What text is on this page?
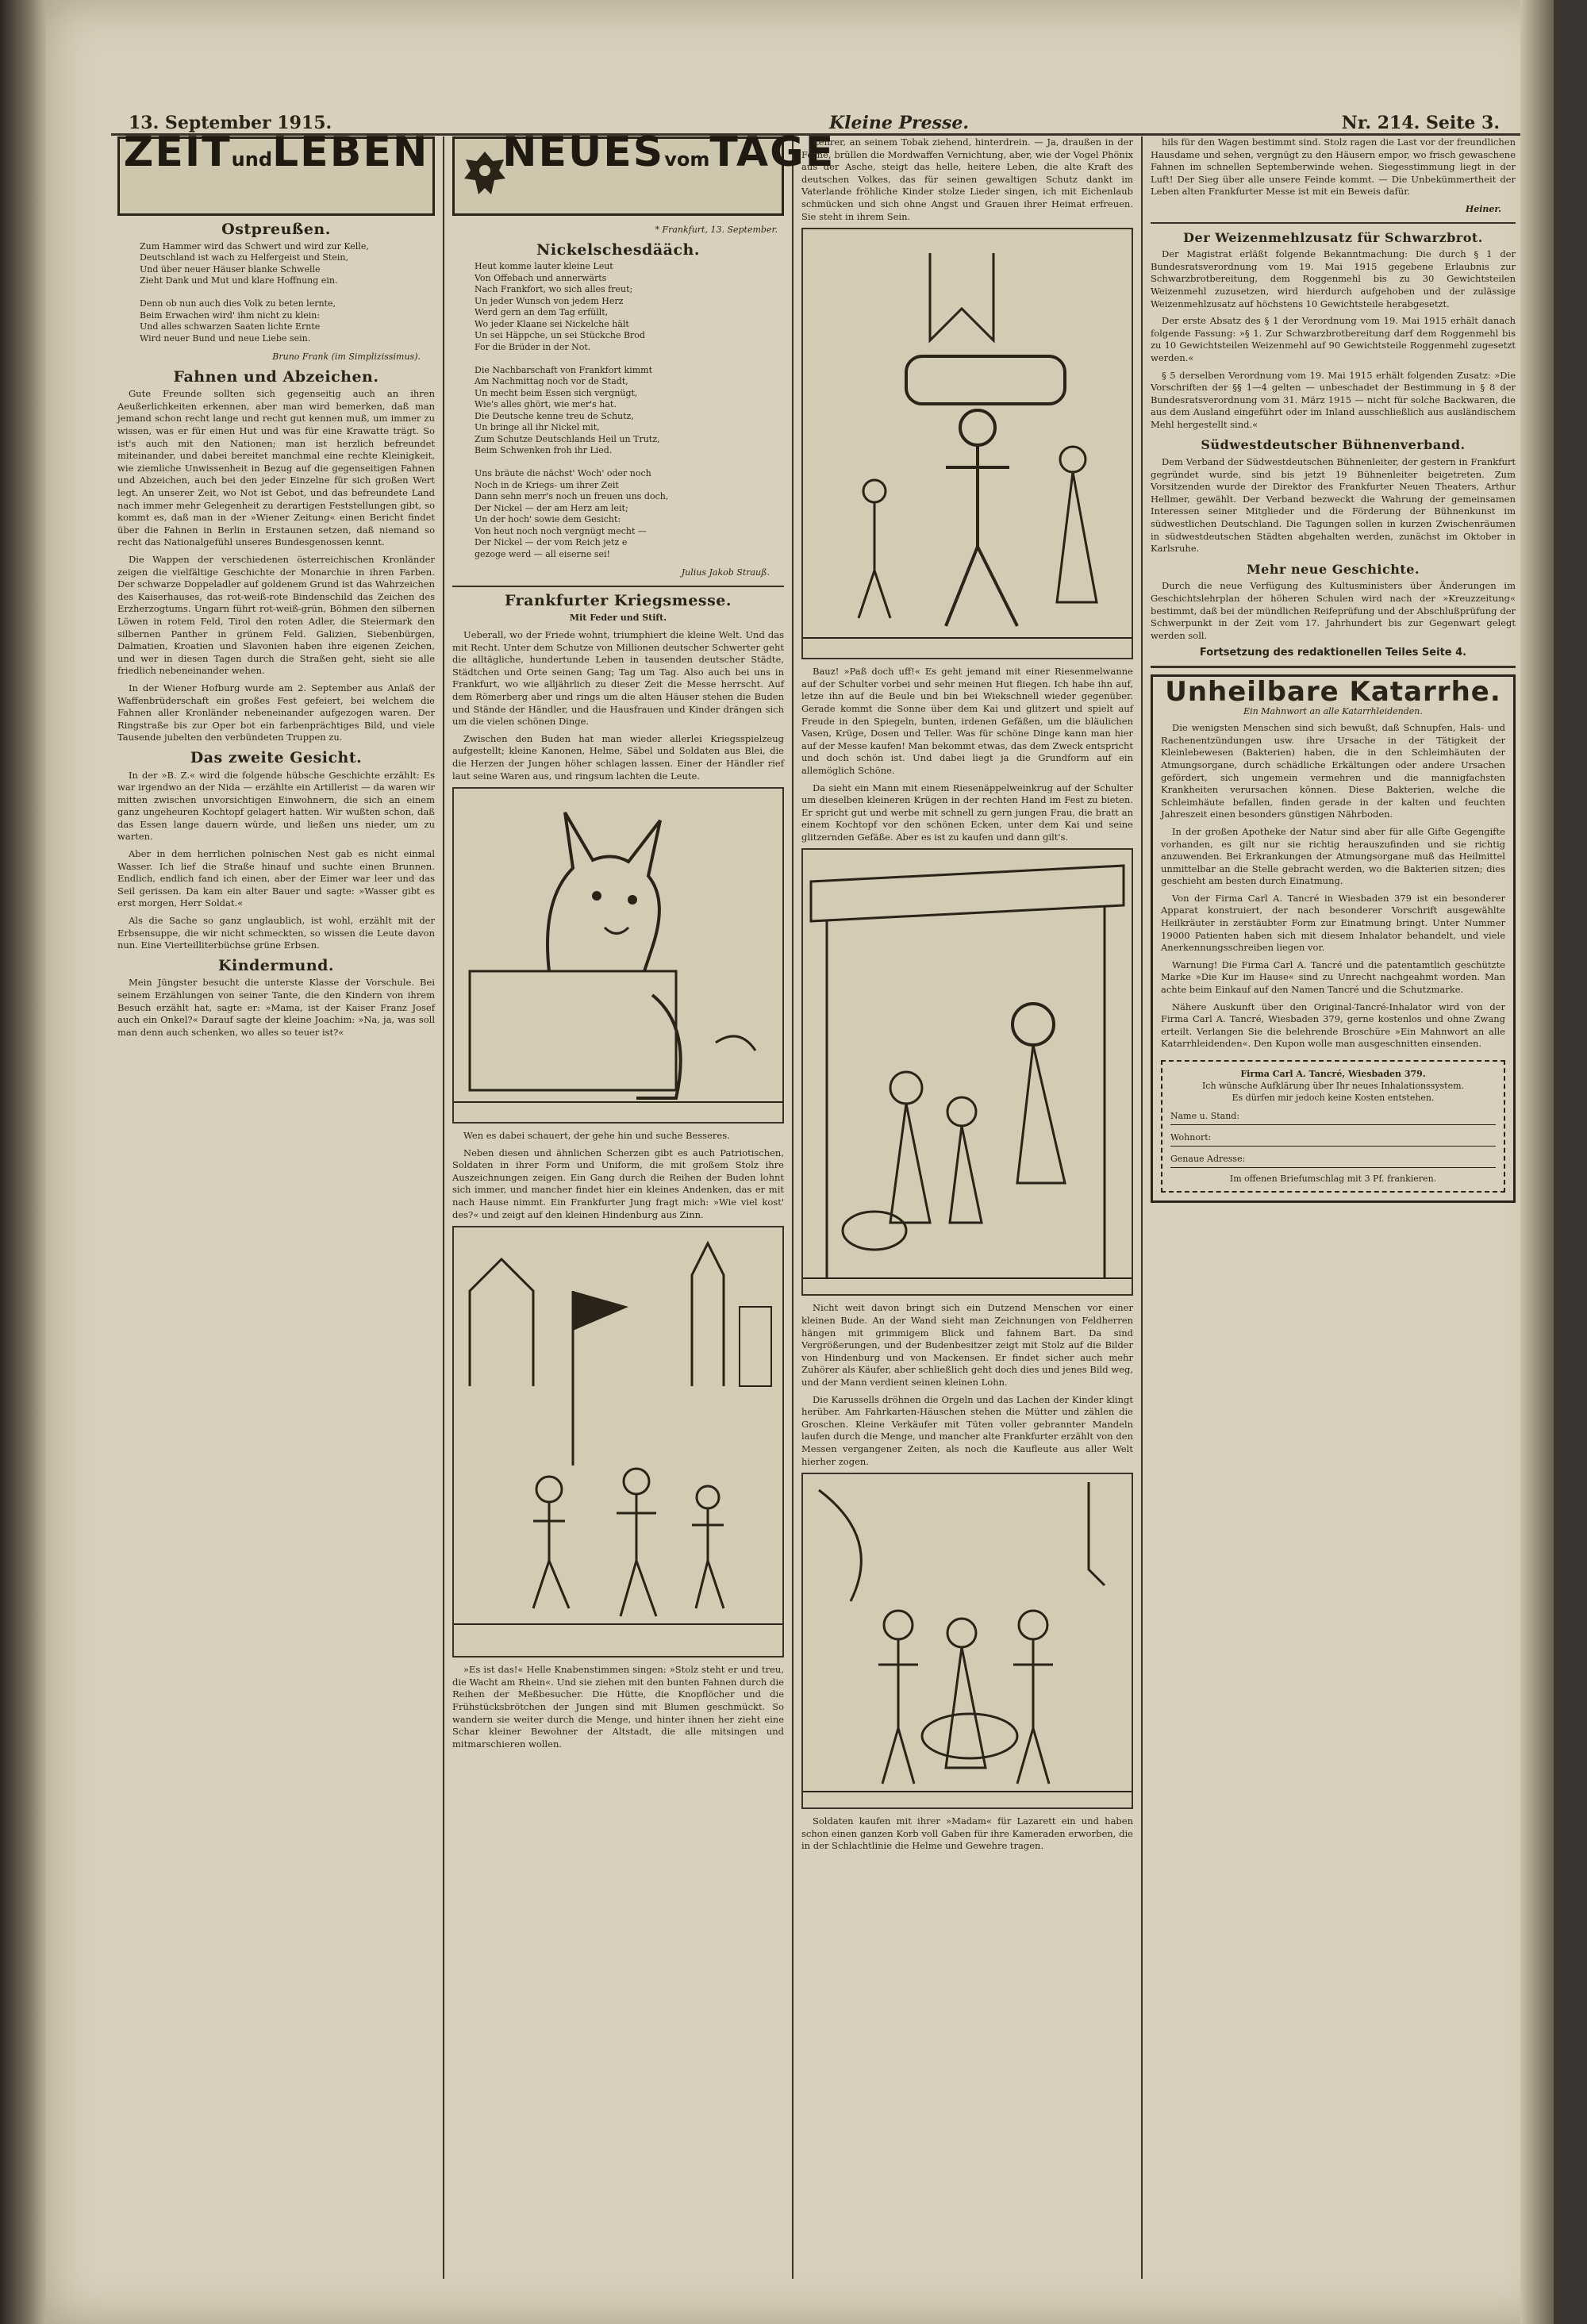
13. September 1915.	Kleine Presse.	Nr. 214. Seite 3.
ZEITundLEBEN
Ostpreußen.
Zum Hammer wird das Schwert und wird zur Kelle,
Deutschland ist wach zu Helfergeist und Stein,
Und über neuer Häuser blanke Schwelle
Zieht Dank und Mut und klare Hoffnung ein.

Denn ob nun auch dies Volk zu beten lernte,
Beim Erwachen wird' ihm nicht zu klein:
Und alles schwarzen Saaten lichte Ernte
Wird neuer Bund und neue Liebe sein.
Bruno Frank (im Simplizissimus).
Fahnen und Abzeichen.

Gute Freunde sollten sich gegenseitig auch an ihren Aeußerlichkeiten erkennen, aber man wird bemerken, daß man jemand schon recht lange und recht gut kennen muß, um immer zu wissen, was er für einen Hut und was für eine Krawatte trägt. So ist's auch mit den Nationen; man ist herzlich befreundet miteinander, und dabei bereitet manchmal eine rechte Kleinigkeit, wie ziemliche Unwissenheit in Bezug auf die gegenseitigen Fahnen und Abzeichen, auch bei den jeder Einzelne für sich großen Wert legt. An unserer Zeit, wo Not ist Gebot, und das befreundete Land nach immer mehr Gelegenheit zu derartigen Feststellungen gibt, so kommt es, daß man in der »Wiener Zeitung« einen Bericht findet über die Fahnen in Berlin in Erstaunen setzen, daß niemand so recht das Nationalgefühl unseres Bundesgenossen kennt.

Die Wappen der verschiedenen österreichischen Kronländer zeigen die vielfältige Geschichte der Monarchie in ihren Farben. Der schwarze Doppeladler auf goldenem Grund ist das Wahrzeichen des Kaiserhauses, das rot-weiß-rote Bindenschild das Zeichen des Erzherzogtums. Ungarn führt rot-weiß-grün, Böhmen den silbernen Löwen in rotem Feld, Tirol den roten Adler, die Steiermark den silbernen Panther in grünem Feld. Galizien, Siebenbürgen, Dalmatien, Kroatien und Slavonien haben ihre eigenen Zeichen, und wer in diesen Tagen durch die Straßen geht, sieht sie alle friedlich nebeneinander wehen.

In der Wiener Hofburg wurde am 2. September aus Anlaß der Waffenbrüderschaft ein großes Fest gefeiert, bei welchem die Fahnen aller Kronländer nebeneinander aufgezogen waren. Der Ringstraße bis zur Oper bot ein farbenprächtiges Bild, und viele Tausende jubelten den verbündeten Truppen zu.

Das zweite Gesicht.

In der »B. Z.« wird die folgende hübsche Geschichte erzählt: Es war irgendwo an der Nida — erzählte ein Artillerist — da waren wir mitten zwischen unvorsichtigen Einwohnern, die sich an einem ganz ungeheuren Kochtopf gelagert hatten. Wir wußten schon, daß das Essen lange dauern würde, und ließen uns nieder, um zu warten.

Aber in dem herrlichen polnischen Nest gab es nicht einmal Wasser. Ich lief die Straße hinauf und suchte einen Brunnen. Endlich, endlich fand ich einen, aber der Eimer war leer und das Seil gerissen. Da kam ein alter Bauer und sagte: »Wasser gibt es erst morgen, Herr Soldat.«

Als die Sache so ganz unglaublich, ist wohl, erzählt mit der Erbsensuppe, die wir nicht schmeckten, so wissen die Leute davon nun. Eine Vierteilliterbüchse grüne Erbsen.

Kindermund.

Mein Jüngster besucht die unterste Klasse der Vorschule. Bei seinem Erzählungen von seiner Tante, die den Kindern von ihrem Besuch erzählt hat, sagte er: »Mama, ist der Kaiser Franz Josef auch ein Onkel?« Darauf sagte der kleine Joachim: »Na, ja, was soll man denn auch schenken, wo alles so teuer ist?«

NEUESvomTAGE
* Frankfurt, 13. September.
Nickelschesdääch.
Heut komme lauter kleine Leut
Von Offebach und annerwärts
Nach Frankfort, wo sich alles freut;
Un jeder Wunsch von jedem Herz
Werd gern an dem Tag erfüllt,
Wo jeder Klaane sei Nickelche hält
Un sei Häppche, un sei Stückche Brod
For die Brüder in der Not.

Die Nachbarschaft von Frankfort kimmt
Am Nachmittag noch vor de Stadt,
Un mecht beim Essen sich vergnügt,
Wie's alles ghört, wie mer's hat.
Die Deutsche kenne treu de Schutz,
Un bringe all ihr Nickel mit,
Zum Schutze Deutschlands Heil un Trutz,
Beim Schwenken froh ihr Lied.

Uns bräute die nächst' Woch' oder noch
Noch in de Kriegs- um ihrer Zeit
Dann sehn merr's noch un freuen uns doch,
Der Nickel — der am Herz am leit;
Un der hoch' sowie dem Gesicht:
Von heut noch noch vergnügt mecht —
Der Nickel — der vom Reich jetz e
gezoge werd — all eiserne sei!
Julius Jakob Strauß.
Frankfurter Kriegsmesse.
Mit Feder und Stift.

Ueberall, wo der Friede wohnt, triumphiert die kleine Welt. Und das mit Recht. Unter dem Schutze von Millionen deutscher Schwerter geht die alltägliche, hundertunde Leben in tausenden deutscher Städte, Städtchen und Orte seinen Gang; Tag um Tag. Also auch bei uns in Frankfurt, wo wie alljährlich zu dieser Zeit die Messe herrscht. Auf dem Römerberg aber und rings um die alten Häuser stehen die Buden und Stände der Händler, und die Hausfrauen und Kinder drängen sich um die vielen schönen Dinge.

Zwischen den Buden hat man wieder allerlei Kriegsspielzeug aufgestellt; kleine Kanonen, Helme, Säbel und Soldaten aus Blei, die die Herzen der Jungen höher schlagen lassen. Einer der Händler rief laut seine Waren aus, und ringsum lachten die Leute.

Wen es dabei schauert, der gehe hin und suche Besseres.

Neben diesen und ähnlichen Scherzen gibt es auch Patriotischen, Soldaten in ihrer Form und Uniform, die mit großem Stolz ihre Auszeichnungen zeigen. Ein Gang durch die Reihen der Buden lohnt sich immer, und mancher findet hier ein kleines Andenken, das er mit nach Hause nimmt. Ein Frankfurter Jung fragt mich: »Wie viel kost' des?« und zeigt auf den kleinen Hindenburg aus Zinn.

»Es ist das!« Helle Knabenstimmen singen: »Stolz steht er und treu, die Wacht am Rhein«. Und sie ziehen mit den bunten Fahnen durch die Reihen der Meßbesucher. Die Hütte, die Knopflöcher und die Frühstücksbrötchen der Jungen sind mit Blumen geschmückt. So wandern sie weiter durch die Menge, und hinter ihnen her zieht eine Schar kleiner Bewohner der Altstadt, die alle mitsingen und mitmarschieren wollen.

Lehrer, an seinem Tobak ziehend, hinterdrein. — Ja, draußen in der Ferne, brüllen die Mordwaffen Vernichtung, aber, wie der Vogel Phönix aus der Asche, steigt das helle, heitere Leben, die alte Kraft des deutschen Volkes, das für seinen gewaltigen Schutz dankt im Vaterlande fröhliche Kinder stolze Lieder singen, ich mit Eichenlaub schmücken und sich ohne Angst und Grauen ihrer Heimat erfreuen. Sie steht in ihrem Sein.

Bauz! »Paß doch uff!« Es geht jemand mit einer Riesenmelwanne auf der Schulter vorbei und sehr meinen Hut fliegen. Ich habe ihn auf, letze ihn auf die Beule und bin bei Wiekschnell wieder gegenüber. Gerade kommt die Sonne über dem Kai und glitzert und spielt auf Freude in den Spiegeln, bunten, irdenen Gefäßen, um die bläulichen Vasen, Krüge, Dosen und Teller. Was für schöne Dinge kann man hier auf der Messe kaufen! Man bekommt etwas, das dem Zweck entspricht und doch schön ist. Und dabei liegt ja die Grundform auf ein allemöglich Schöne.

Da sieht ein Mann mit einem Riesenäppelweinkrug auf der Schulter um dieselben kleineren Krügen in der rechten Hand im Fest zu bieten. Er spricht gut und werbe mit schnell zu gern jungen Frau, die bratt an einem Kochtopf vor den schönen Ecken, unter dem Kai und seine glitzernden Gefäße. Aber es ist zu kaufen und dann gilt's.

Nicht weit davon bringt sich ein Dutzend Menschen vor einer kleinen Bude. An der Wand sieht man Zeichnungen von Feldherren hängen mit grimmigem Blick und fahnem Bart. Da sind Vergrößerungen, und der Budenbesitzer zeigt mit Stolz auf die Bilder von Hindenburg und von Mackensen. Er findet sicher auch mehr Zuhörer als Käufer, aber schließlich geht doch dies und jenes Bild weg, und der Mann verdient seinen kleinen Lohn.

Die Karussells dröhnen die Orgeln und das Lachen der Kinder klingt herüber. Am Fahrkarten-Häuschen stehen die Mütter und zählen die Groschen. Kleine Verkäufer mit Tüten voller gebrannter Mandeln laufen durch die Menge, und mancher alte Frankfurter erzählt von den Messen vergangener Zeiten, als noch die Kaufleute aus aller Welt hierher zogen.

Soldaten kaufen mit ihrer »Madam« für Lazarett ein und haben schon einen ganzen Korb voll Gaben für ihre Kameraden erworben, die in der Schlachtlinie die Helme und Gewehre tragen.

hils für den Wagen bestimmt sind. Stolz ragen die Last vor der freundlichen Hausdame und sehen, vergnügt zu den Häusern empor, wo frisch gewaschene Fahnen im schnellen Septemberwinde wehen. Siegesstimmung liegt in der Luft! Der Sieg über alle unsere Feinde kommt. — Die Unbekümmertheit der Leben alten Frankfurter Messe ist mit ein Beweis dafür.

Heiner.
Der Weizenmehlzusatz für Schwarzbrot.

Der Magistrat erläßt folgende Bekanntmachung: Die durch § 1 der Bundesratsverordnung vom 19. Mai 1915 gegebene Erlaubnis zur Schwarzbrotbereitung, dem Roggenmehl bis zu 30 Gewichtsteilen Weizenmehl zuzusetzen, wird hierdurch aufgehoben und der zulässige Weizenmehlzusatz auf höchstens 10 Gewichtsteile herabgesetzt.

Der erste Absatz des § 1 der Verordnung vom 19. Mai 1915 erhält danach folgende Fassung: »§ 1. Zur Schwarzbrotbereitung darf dem Roggenmehl bis zu 10 Gewichtsteilen Weizenmehl auf 90 Gewichtsteile Roggenmehl zugesetzt werden.«

§ 5 derselben Verordnung vom 19. Mai 1915 erhält folgenden Zusatz: »Die Vorschriften der §§ 1—4 gelten — unbeschadet der Bestimmung in § 8 der Bundesratsverordnung vom 31. März 1915 — nicht für solche Backwaren, die aus dem Ausland eingeführt oder im Inland ausschließlich aus ausländischem Mehl hergestellt sind.«

Südwestdeutscher Bühnenverband.

Dem Verband der Südwestdeutschen Bühnenleiter, der gestern in Frankfurt gegründet wurde, sind bis jetzt 19 Bühnenleiter beigetreten. Zum Vorsitzenden wurde der Direktor des Frankfurter Neuen Theaters, Arthur Hellmer, gewählt. Der Verband bezweckt die Wahrung der gemeinsamen Interessen seiner Mitglieder und die Förderung der Bühnenkunst im südwestlichen Deutschland. Die Tagungen sollen in kurzen Zwischenräumen in südwestdeutschen Städten abgehalten werden, zunächst im Oktober in Karlsruhe.

Mehr neue Geschichte.

Durch die neue Verfügung des Kultusministers über Änderungen im Geschichtslehrplan der höheren Schulen wird nach der »Kreuzzeitung« bestimmt, daß bei der mündlichen Reifeprüfung und der Abschlußprüfung der Schwerpunkt in der Zeit vom 17. Jahrhundert bis zur Gegenwart gelegt werden soll.

Fortsetzung des redaktionellen Teiles Seite 4.
Unheilbare Katarrhe.
Ein Mahnwort an alle Katarrhleidenden.

Die wenigsten Menschen sind sich bewußt, daß Schnupfen, Hals- und Rachenentzündungen usw. ihre Ursache in der Tätigkeit der Kleinlebewesen (Bakterien) haben, die in den Schleimhäuten der Atmungsorgane, durch schädliche Erkältungen oder andere Ursachen gefördert, sich ungemein vermehren und die mannigfachsten Krankheiten verursachen können. Diese Bakterien, welche die Schleimhäute befallen, finden gerade in der kalten und feuchten Jahreszeit einen besonders günstigen Nährboden.

In der großen Apotheke der Natur sind aber für alle Gifte Gegengifte vorhanden, es gilt nur sie richtig herauszufinden und sie richtig anzuwenden. Bei Erkrankungen der Atmungsorgane muß das Heilmittel unmittelbar an die Stelle gebracht werden, wo die Bakterien sitzen; dies geschieht am besten durch Einatmung.

Von der Firma Carl A. Tancré in Wiesbaden 379 ist ein besonderer Apparat konstruiert, der nach besonderer Vorschrift ausgewählte Heilkräuter in zerstäubter Form zur Einatmung bringt. Unter Nummer 19000 Patienten haben sich mit diesem Inhalator behandelt, und viele Anerkennungsschreiben liegen vor.

Warnung! Die Firma Carl A. Tancré und die patentamtlich geschützte Marke »Die Kur im Hause« sind zu Unrecht nachgeahmt worden. Man achte beim Einkauf auf den Namen Tancré und die Schutzmarke.

Nähere Auskunft über den Original-Tancré-Inhalator wird von der Firma Carl A. Tancré, Wiesbaden 379, gerne kostenlos und ohne Zwang erteilt. Verlangen Sie die belehrende Broschüre »Ein Mahnwort an alle Katarrhleidenden«. Den Kupon wolle man ausgeschnitten einsenden.

Firma Carl A. Tancré, Wiesbaden 379.
Ich wünsche Aufklärung über Ihr neues Inhalationssystem.
Es dürfen mir jedoch keine Kosten entstehen.
Name u. Stand:
Wohnort:
Genaue Adresse:
Im offenen Briefumschlag mit 3 Pf. frankieren.
